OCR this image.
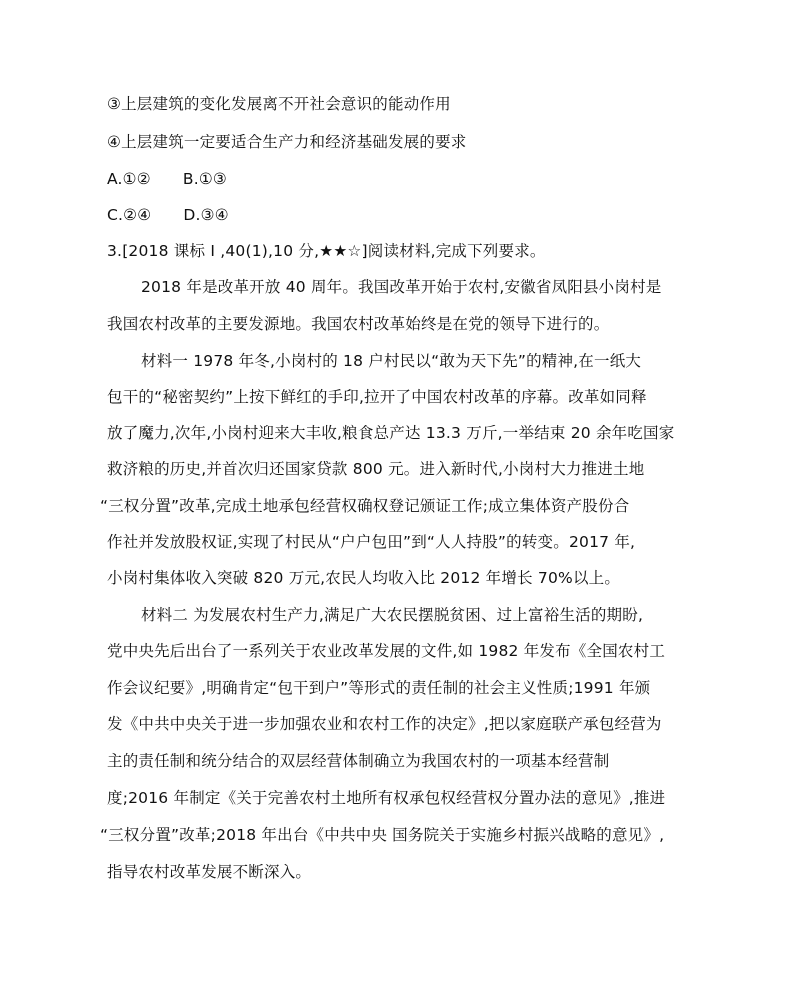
③上层建筑的变化发展离不开社会意识的能动作用
④上层建筑一定要适合生产力和经济基础发展的要求
A.①② B.①③
C.②④ D.③④
3.[2018 课标 I ,40(1),10 分,★★☆]阅读材料,完成下列要求。
2018 年是改革开放 40 周年。我国改革开始于农村,安徽省凤阳县小岗村是
我国农村改革的主要发源地。我国农村改革始终是在党的领导下进行的。
材料一 1978 年冬,小岗村的 18 户村民以“敢为天下先”的精神,在一纸大
包干的“秘密契约”上按下鲜红的手印,拉开了中国农村改革的序幕。改革如同释
放了魔力,次年,小岗村迎来大丰收,粮食总产达 13.3 万斤,一举结束 20 余年吃国家
救济粮的历史,并首次归还国家贷款 800 元。进入新时代,小岗村大力推进土地
“三权分置”改革,完成土地承包经营权确权登记颁证工作;成立集体资产股份合
作社并发放股权证,实现了村民从“户户包田”到“人人持股”的转变。2017 年,
小岗村集体收入突破 820 万元,农民人均收入比 2012 年增长 70%以上。
材料二 为发展农村生产力,满足广大农民摆脱贫困、过上富裕生活的期盼,
党中央先后出台了一系列关于农业改革发展的文件,如 1982 年发布《全国农村工
作会议纪要》,明确肯定“包干到户”等形式的责任制的社会主义性质;1991 年颁
发《中共中央关于进一步加强农业和农村工作的决定》,把以家庭联产承包经营为
主的责任制和统分结合的双层经营体制确立为我国农村的一项基本经营制
度;2016 年制定《关于完善农村土地所有权承包权经营权分置办法的意见》,推进
“三权分置”改革;2018 年出台《中共中央 国务院关于实施乡村振兴战略的意见》,
指导农村改革发展不断深入。
